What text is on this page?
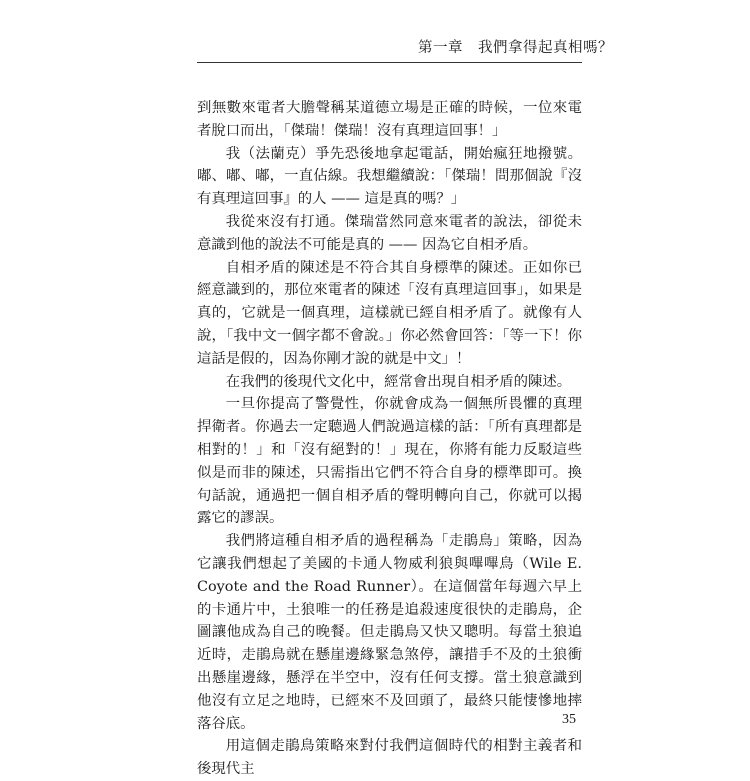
第一章　我們拿得起真相嗎？

到無數來電者大膽聲稱某道德立場是正確的時候，一位來電者脫口而出，「傑瑞！傑瑞！沒有真理這回事！」

我（法蘭克）爭先恐後地拿起電話，開始瘋狂地撥號。嘟、嘟、嘟，一直佔線。我想繼續說：「傑瑞！問那個說『沒有真理這回事』的人 —— 這是真的嗎？」

我從來沒有打通。傑瑞當然同意來電者的說法，卻從未意識到他的說法不可能是真的 —— 因為它自相矛盾。

自相矛盾的陳述是不符合其自身標準的陳述。正如你已經意識到的，那位來電者的陳述「沒有真理這回事」，如果是真的，它就是一個真理，這樣就已經自相矛盾了。就像有人說，「我中文一個字都不會說。」你必然會回答：「等一下！你這話是假的，因為你剛才說的就是中文」！

在我們的後現代文化中，經常會出現自相矛盾的陳述。

一旦你提高了警覺性，你就會成為一個無所畏懼的真理捍衛者。你過去一定聽過人們說過這樣的話：「所有真理都是相對的！」和「沒有絕對的！」現在，你將有能力反駁這些似是而非的陳述，只需指出它們不符合自身的標準即可。換句話說，通過把一個自相矛盾的聲明轉向自己，你就可以揭露它的謬誤。

我們將這種自相矛盾的過程稱為「走鵑鳥」策略，因為它讓我們想起了美國的卡通人物威利狼與嗶嗶鳥（Wile E. Coyote and the Road Runner）。在這個當年每週六早上的卡通片中，土狼唯一的任務是追殺速度很快的走鵑鳥，企圖讓他成為自己的晚餐。但走鵑鳥又快又聰明。每當土狼追近時，走鵑鳥就在懸崖邊緣緊急煞停，讓措手不及的土狼衝出懸崖邊緣，懸浮在半空中，沒有任何支撐。當土狼意識到他沒有立足之地時，已經來不及回頭了，最終只能悽慘地摔落谷底。

用這個走鵑鳥策略來對付我們這個時代的相對主義者和後現代主

35
